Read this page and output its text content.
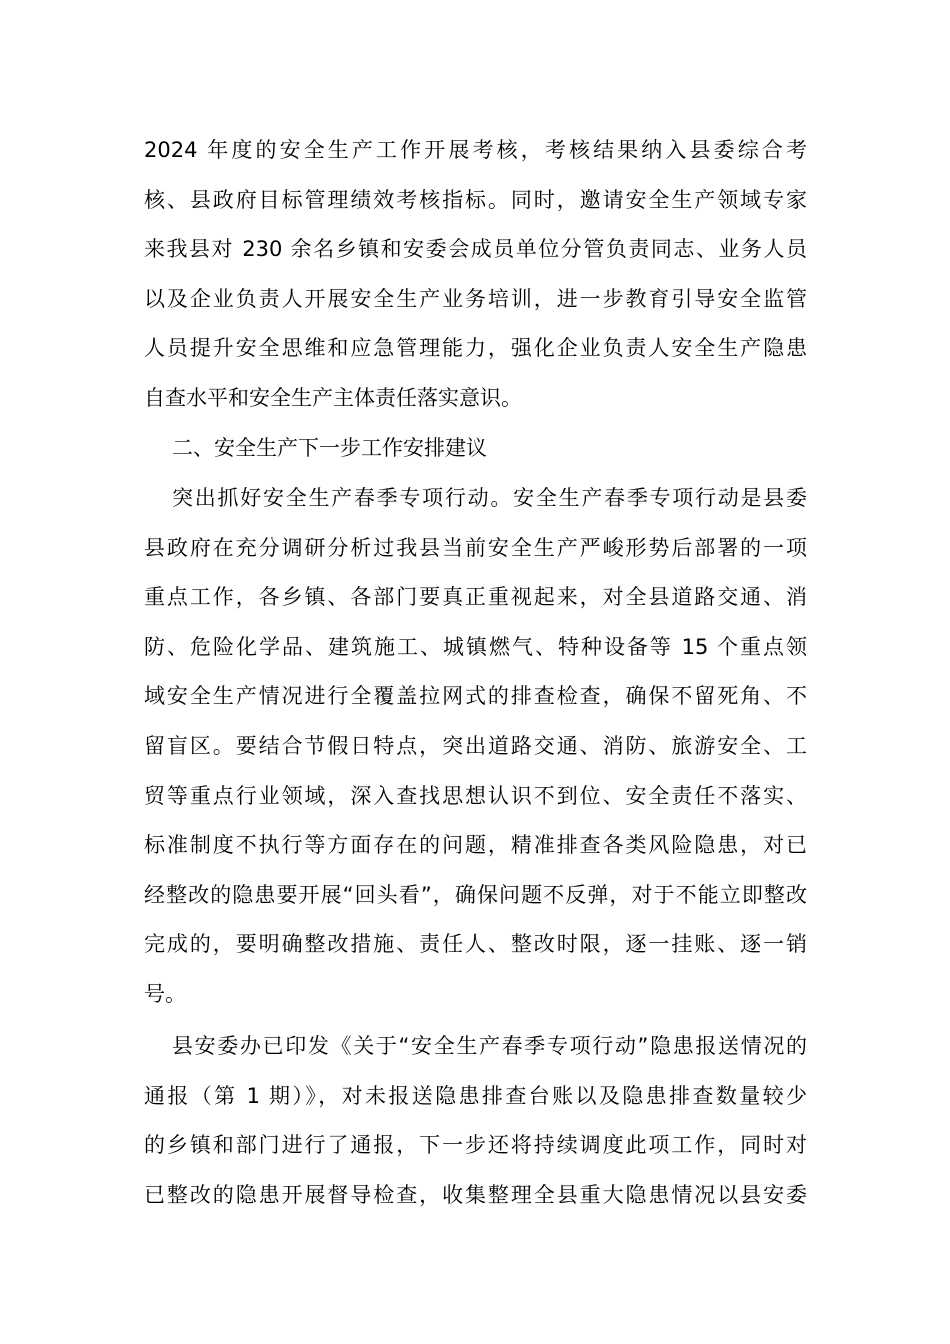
2024 年度的安全生产工作开展考核，考核结果纳入县委综合考
核、县政府目标管理绩效考核指标。同时，邀请安全生产领域专家
来我县对 230 余名乡镇和安委会成员单位分管负责同志、业务人员
以及企业负责人开展安全生产业务培训，进一步教育引导安全监管
人员提升安全思维和应急管理能力，强化企业负责人安全生产隐患
自查水平和安全生产主体责任落实意识。
二、安全生产下一步工作安排建议
突出抓好安全生产春季专项行动。安全生产春季专项行动是县委
县政府在充分调研分析过我县当前安全生产严峻形势后部署的一项
重点工作，各乡镇、各部门要真正重视起来，对全县道路交通、消
防、危险化学品、建筑施工、城镇燃气、特种设备等 15 个重点领
域安全生产情况进行全覆盖拉网式的排查检查，确保不留死角、不
留盲区。要结合节假日特点，突出道路交通、消防、旅游安全、工
贸等重点行业领域，深入查找思想认识不到位、安全责任不落实、
标准制度不执行等方面存在的问题，精准排查各类风险隐患，对已
经整改的隐患要开展“回头看”，确保问题不反弹，对于不能立即整改
完成的，要明确整改措施、责任人、整改时限，逐一挂账、逐一销
号。
县安委办已印发《关于“安全生产春季专项行动”隐患报送情况的
通报（第 1 期）》，对未报送隐患排查台账以及隐患排查数量较少
的乡镇和部门进行了通报，下一步还将持续调度此项工作，同时对
已整改的隐患开展督导检查，收集整理全县重大隐患情况以县安委
